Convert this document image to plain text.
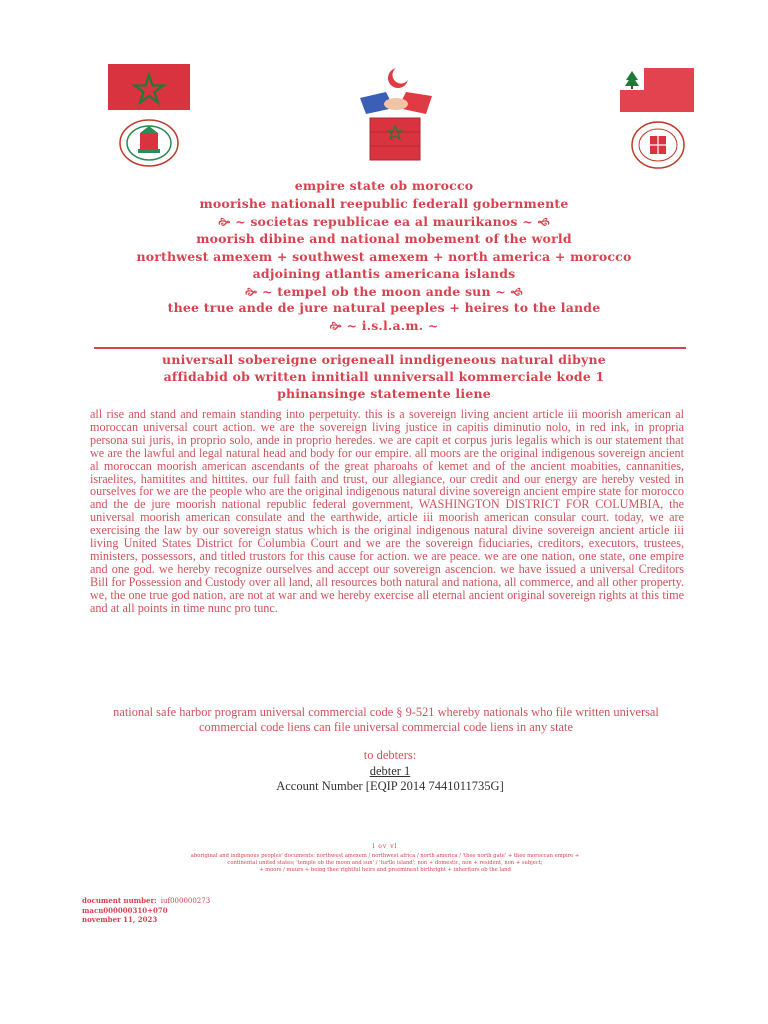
empire state ob morocco
moorishe nationall reepublic federall gobernmente
🙚 ~ societas republicae ea al maurikanos ~ 🙘
moorish dibine and national mobement of the world
northwest amexem + southwest amexem + north america + morocco
adjoining atlantis americana islands
🙚 ~ tempel ob the moon ande sun ~ 🙘
thee true ande de jure natural peeples + heires to the lande
🙚 ~ i.s.l.a.m. ~
universall sobereigne origeneall inndigeneous natural dibyne
affidabid ob written innitiall unniversall kommerciale kode 1
phinansinge statemente liene
all rise and stand and remain standing into perpetuity. this is a sovereign living ancient article iii moorish american al moroccan universal court action. we are the sovereign living justice in capitis diminutio nolo, in red ink, in propria persona sui juris, in proprio solo, ande in proprio heredes. we are capit et corpus juris legalis which is our statement that we are the lawful and legal natural head and body for our empire. all moors are the original indigenous sovereign ancient al moroccan moorish american ascendants of the great pharoahs of kemet and of the ancient moabities, cannanities, israelites, hamitites and hittites. our full faith and trust, our allegiance, our credit and our energy are hereby vested in ourselves for we are the people who are the original indigenous natural divine sovereign ancient empire state for morocco and the de jure moorish national republic federal government, WASHINGTON DISTRICT FOR COLUMBIA, the universal moorish american consulate and the earthwide, article iii moorish american consular court. today, we are exercising the law by our sovereign status which is the original indigenous natural divine sovereign ancient article iii living United States District for Columbia Court and we are the sovereign fiduciaries, creditors, executors, trustees, ministers, possessors, and titled trustors for this cause for action. we are peace. we are one nation, one state, one empire and one god. we hereby recognize ourselves and accept our sovereign ascencion. we have issued a universal Creditors Bill for Possession and Custody over all land, all resources both natural and nationa, all commerce, and all other property. we, the one true god nation, are not at war and we hereby exercise all eternal ancient original sovereign rights at this time and at all points in time nunc pro tunc.
national safe harbor program universal commercial code § 9-521 whereby nationals who file written universal commercial code liens can file universal commercial code liens in any state
to debters:
debter 1
Account Number [EQIP 2014 7441011735G]
l ov vl
aboriginal and indigenous peoples' documents: northwest amexem / northwest africa / north america / 'thee north gate' + thee moroccan empire +
continental united states; 'temple ob the moon and sun' / 'turtle island'; non + domestic, non + resident, non + subject;
+ moors / muurs + being thee rightful heirs and preeminent birthright + inheritors ob the land
document number: iuf000000273
macn000000310+070
november 11, 2023
